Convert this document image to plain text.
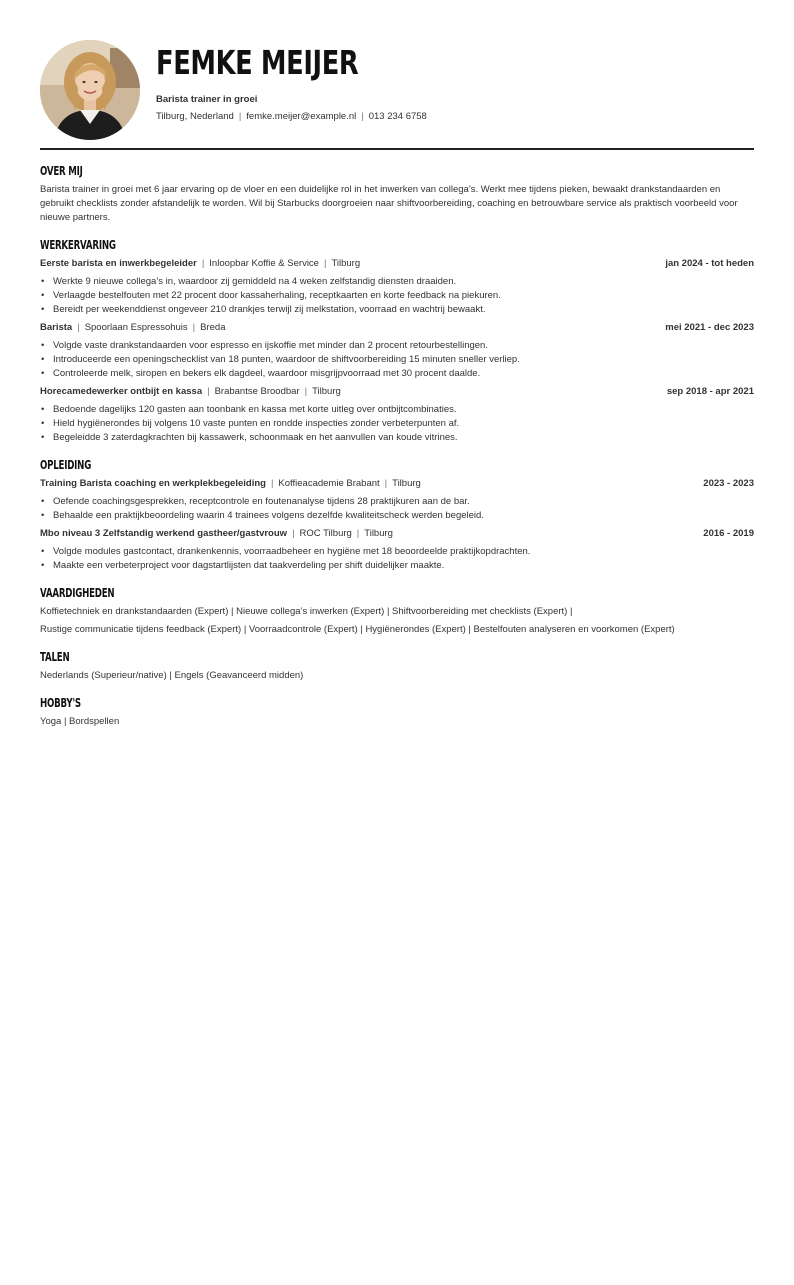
FEMKE MEIJER
Barista trainer in groei
Tilburg, Nederland | femke.meijer@example.nl | 013 234 6758
OVER MIJ

Barista trainer in groei met 6 jaar ervaring op de vloer en een duidelijke rol in het inwerken van collega’s. Werkt mee tijdens pieken, bewaakt drankstandaarden en gebruikt checklists zonder afstandelijk te worden. Wil bij Starbucks doorgroeien naar shiftvoorbereiding, coaching en betrouwbare service als praktisch voorbeeld voor nieuwe partners.

WERKERVARING
Eerste barista en inwerkbegeleider | Inloopbar Koffie & Service | Tilburg	jan 2024 - tot heden
• Werkte 9 nieuwe collega’s in, waardoor zij gemiddeld na 4 weken zelfstandig diensten draaiden.
• Verlaagde bestelfouten met 22 procent door kassaherhaling, receptkaarten en korte feedback na piekuren.
• Bereidt per weekenddienst ongeveer 210 drankjes terwijl zij melkstation, voorraad en wachtrij bewaakt.
Barista | Spoorlaan Espressohuis | Breda	mei 2021 - dec 2023
• Volgde vaste drankstandaarden voor espresso en ijskoffie met minder dan 2 procent retourbestellingen.
• Introduceerde een openingschecklist van 18 punten, waardoor de shiftvoorbereiding 15 minuten sneller verliep.
• Controleerde melk, siropen en bekers elk dagdeel, waardoor misgrijpvoorraad met 30 procent daalde.
Horecamedewerker ontbijt en kassa | Brabantse Broodbar | Tilburg	sep 2018 - apr 2021
• Bedoende dagelijks 120 gasten aan toonbank en kassa met korte uitleg over ontbijtcombinaties.
• Hield hygiënerondes bij volgens 10 vaste punten en rondde inspecties zonder verbeterpunten af.
• Begeleidde 3 zaterdagkrachten bij kassawerk, schoonmaak en het aanvullen van koude vitrines.
OPLEIDING
Training Barista coaching en werkplekbegeleiding | Koffieacademie Brabant | Tilburg	2023 - 2023
• Oefende coachingsgesprekken, receptcontrole en foutenanalyse tijdens 28 praktijkuren aan de bar.
• Behaalde een praktijkbeoordeling waarin 4 trainees volgens dezelfde kwaliteitscheck werden begeleid.
Mbo niveau 3 Zelfstandig werkend gastheer/gastvrouw | ROC Tilburg | Tilburg	2016 - 2019
• Volgde modules gastcontact, drankenkennis, voorraadbeheer en hygiëne met 18 beoordeelde praktijkopdrachten.
• Maakte een verbeterproject voor dagstartlijsten dat taakverdeling per shift duidelijker maakte.
VAARDIGHEDEN

Koffietechniek en drankstandaarden (Expert) | Nieuwe collega’s inwerken (Expert) | Shiftvoorbereiding met checklists (Expert) |

Rustige communicatie tijdens feedback (Expert) | Voorraadcontrole (Expert) | Hygiënerondes (Expert) | Bestelfouten analyseren en voorkomen (Expert)

TALEN

Nederlands (Superieur/native) | Engels (Geavanceerd midden)

HOBBY'S

Yoga | Bordspellen
